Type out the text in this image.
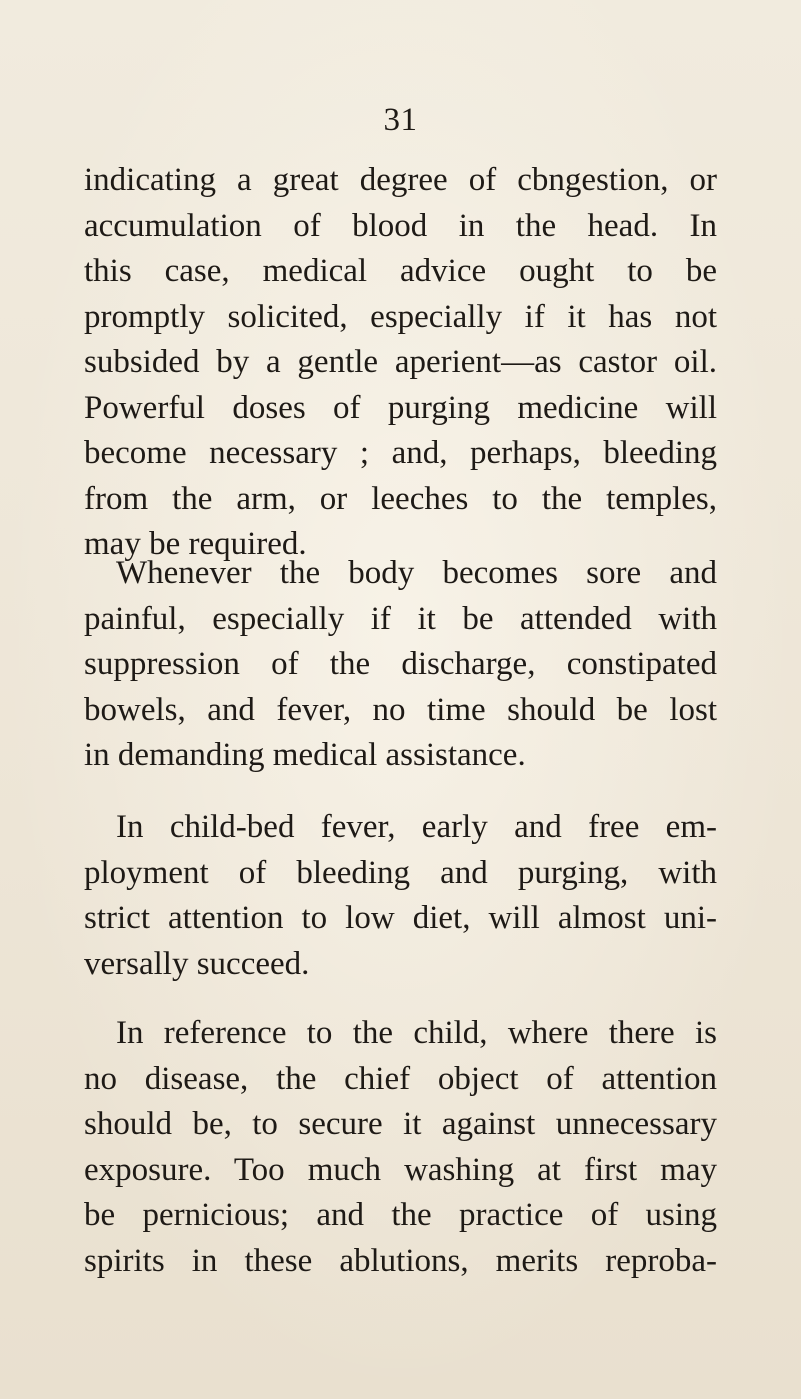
31

indicating a great degree of cbngestion, or
accumulation of blood in the head. In
this case, medical advice ought to be
promptly solicited, especially if it has not
subsided by a gentle aperient—as castor oil.
Powerful doses of purging medicine will
become necessary ; and, perhaps, bleeding
from the arm, or leeches to the temples,
may be required.

Whenever the body becomes sore and
painful, especially if it be attended with
suppression of the discharge, constipated
bowels, and fever, no time should be lost
in demanding medical assistance.

In child-bed fever, early and free em-
ployment of bleeding and purging, with
strict attention to low diet, will almost uni-
versally succeed.

In reference to the child, where there is
no disease, the chief object of attention
should be, to secure it against unnecessary
exposure. Too much washing at first may
be pernicious; and the practice of using
spirits in these ablutions, merits reproba-
